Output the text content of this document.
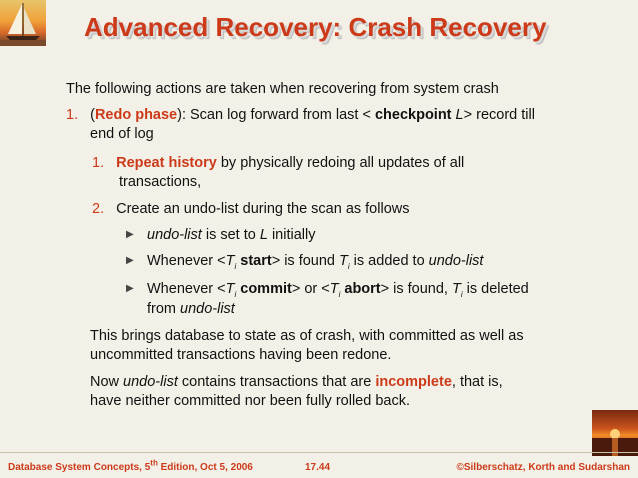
Advanced Recovery: Crash Recovery
The following actions are taken when recovering from system crash
1. (Redo phase): Scan log forward from last < checkpoint L> record till
end of log
1. Repeat history by physically redoing all updates of all
transactions,
2. Create an undo-list during the scan as follows
▶ undo-list is set to L initially
▶ Whenever $<T_i$ start> is found $T_i$ is added to undo-list
▶ Whenever $<T_i$ commit> or $<T_i$ abort> is found, $T_i$ is deleted
from undo-list
This brings database to state as of crash, with committed as well as
uncommitted transactions having been redone.
Now undo-list contains transactions that are incomplete, that is,
have neither committed nor been fully rolled back.
Database System Concepts, 5th Edition, Oct 5, 2006	17.44	©Silberschatz, Korth and Sudarshan
